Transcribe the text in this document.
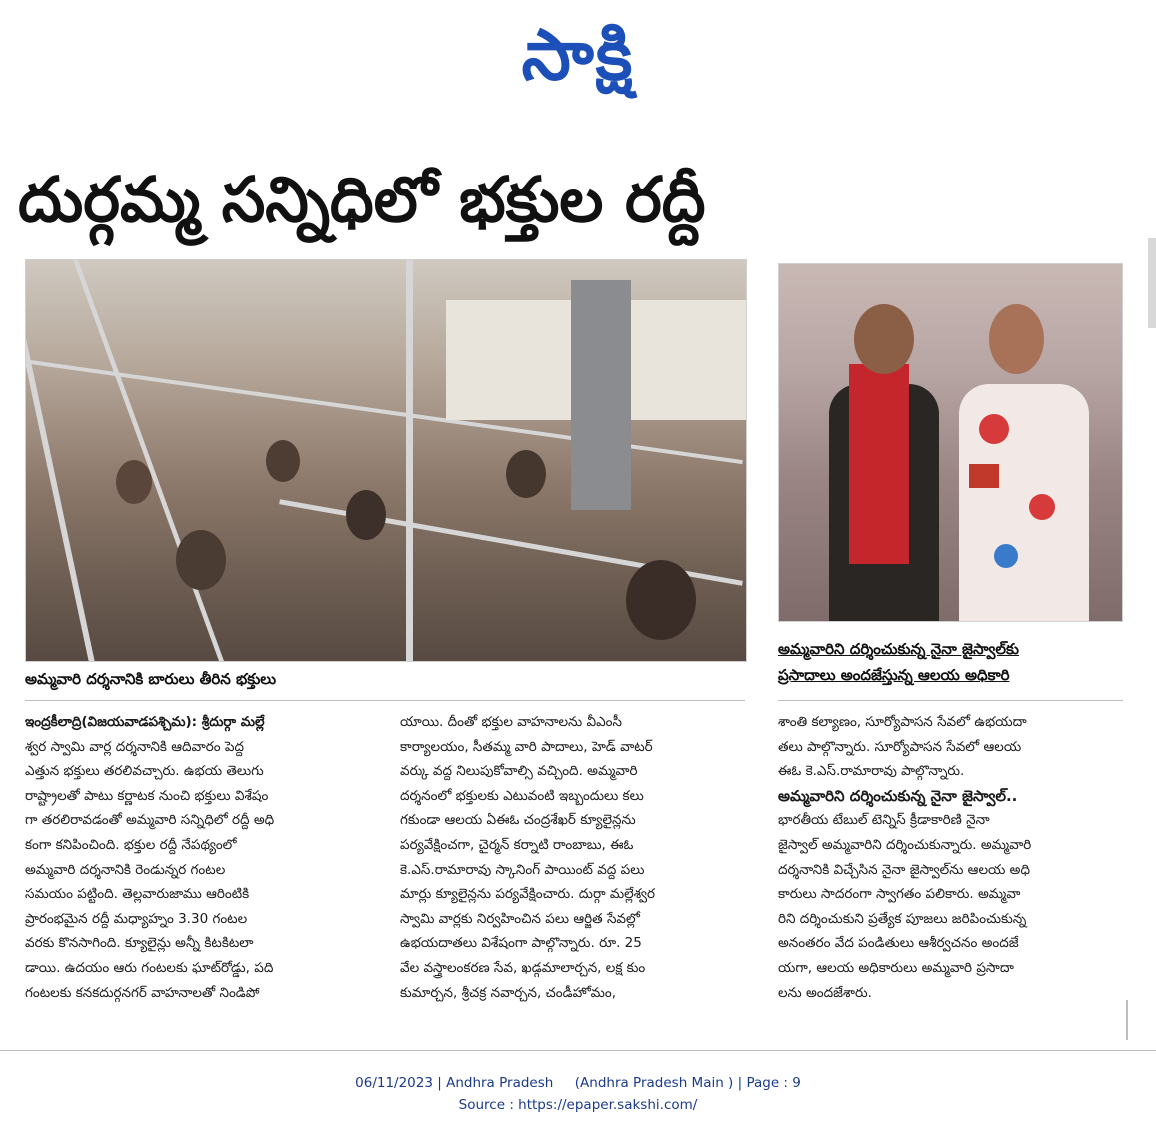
సాక్షి
దుర్గమ్మ సన్నిధిలో భక్తుల రద్దీ
అమ్మవారి దర్శనానికి బారులు తీరిన భక్తులు
అమ్మవారిని దర్శించుకున్న నైనా జైస్వాల్‌కు
ప్రసాదాలు అందజేస్తున్న ఆలయ అధికారి
ఇంద్రకీలాద్రి(విజయవాడపశ్చిమ): శ్రీదుర్గా మల్లే
శ్వర స్వామి వార్ల దర్శనానికి ఆదివారం పెద్ద
ఎత్తున భక్తులు తరలివచ్చారు. ఉభయ తెలుగు
రాష్ట్రాలతో పాటు కర్ణాటక నుంచి భక్తులు విశేషం
గా తరలిరావడంతో అమ్మవారి సన్నిధిలో రద్దీ అధి
కంగా కనిపించింది. భక్తుల రద్దీ నేపథ్యంలో
అమ్మవారి దర్శనానికి రెండున్నర గంటల
సమయం పట్టింది. తెల్లవారుజాము ఆరింటికి
ప్రారంభమైన రద్దీ మధ్యాహ్నం 3.30 గంటల
వరకు కొనసాగింది. క్యూలైన్లు అన్నీ కిటకిటలా
డాయి. ఉదయం ఆరు గంటలకు ఘాట్‌రోడ్డు, పది
గంటలకు కనకదుర్గనగర్ వాహనాలతో నిండిపో
యాయి. దీంతో భక్తుల వాహనాలను వీఎంసీ
కార్యాలయం, సీతమ్మ వారి పాదాలు, హెడ్ వాటర్
వర్కు వద్ద నిలుపుకోవాల్సి వచ్చింది. అమ్మవారి
దర్శనంలో భక్తులకు ఎటువంటి ఇబ్బందులు కలు
గకుండా ఆలయ ఏఈఓ చంద్రశేఖర్ క్యూలైన్లను
పర్యవేక్షించగా, చైర్మన్ కర్నాటి రాంబాబు, ఈఓ
కె.ఎస్.రామారావు స్కానింగ్ పాయింట్ వద్ద పలు
మార్లు క్యూలైన్లను పర్యవేక్షించారు. దుర్గా మల్లేశ్వర
స్వామి వార్లకు నిర్వహించిన పలు ఆర్జిత సేవల్లో
ఉభయదాతలు విశేషంగా పాల్గొన్నారు. రూ. 25
వేల వస్త్రాలంకరణ సేవ, ఖడ్గమాలార్చన, లక్ష కుం
కుమార్చన, శ్రీచక్ర నవార్చన, చండీహోమం,
శాంతి కల్యాణం, సూర్యోపాసన సేవలో ఉభయదా
తలు పాల్గొన్నారు. సూర్యోపాసన సేవలో ఆలయ
ఈఓ కె.ఎస్.రామారావు పాల్గొన్నారు.
అమ్మవారిని దర్శించుకున్న నైనా జైస్వాల్..
భారతీయ టేబుల్ టెన్నిస్ క్రీడాకారిణి నైనా
జైస్వాల్ అమ్మవారిని దర్శించుకున్నారు. అమ్మవారి
దర్శనానికి విచ్చేసిన నైనా జైస్వాల్‌ను ఆలయ అధి
కారులు సాదరంగా స్వాగతం పలికారు. అమ్మవా
రిని దర్శించుకుని ప్రత్యేక పూజలు జరిపించుకున్న
అనంతరం వేద పండితులు ఆశీర్వచనం అందజే
యగా, ఆలయ అధికారులు అమ్మవారి ప్రసాదా
లను అందజేశారు.
06/11/2023 | Andhra Pradesh     (Andhra Pradesh Main ) | Page : 9
Source : https://epaper.sakshi.com/
